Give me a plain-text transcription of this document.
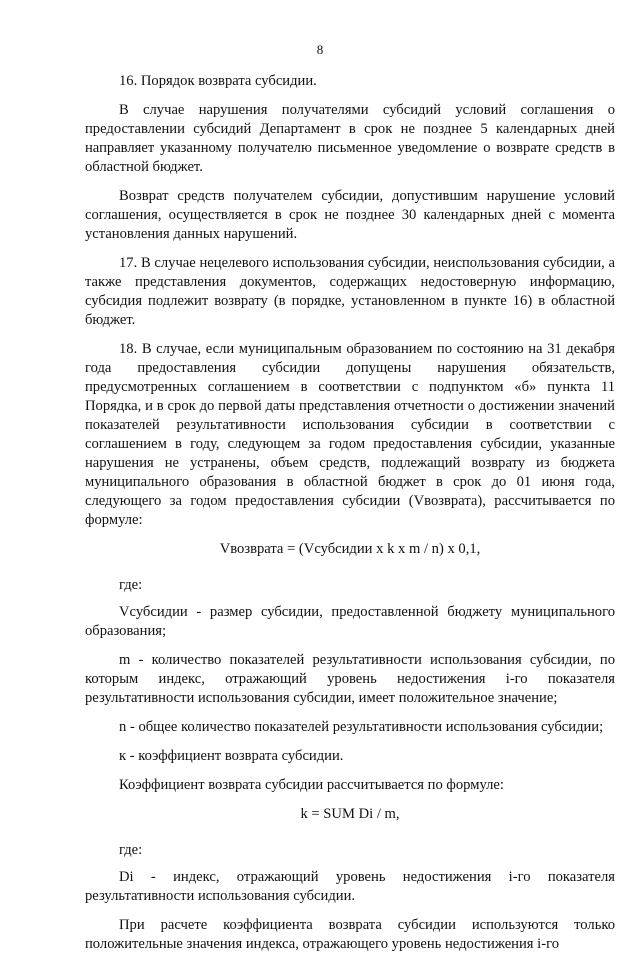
8

16. Порядок возврата субсидии.

В случае нарушения получателями субсидий условий соглашения о предоставлении субсидий Департамент в срок не позднее 5 календарных дней направляет указанному получателю письменное уведомление о возврате средств в областной бюджет.

Возврат средств получателем субсидии, допустившим нарушение условий соглашения, осуществляется в срок не позднее 30 календарных дней с момента установления данных нарушений.

17. В случае нецелевого использования субсидии, неиспользования субсидии, а также представления документов, содержащих недостоверную информацию, субсидия подлежит возврату (в порядке, установленном в пункте 16) в областной бюджет.

18. В случае, если муниципальным образованием по состоянию на 31 декабря года предоставления субсидии допущены нарушения обязательств, предусмотренных соглашением в соответствии с подпунктом «б» пункта 11 Порядка, и в срок до первой даты представления отчетности о достижении значений показателей результативности использования субсидии в соответствии с соглашением в году, следующем за годом предоставления субсидии, указанные нарушения не устранены, объем средств, подлежащий возврату из бюджета муниципального образования в областной бюджет в срок до 01 июня года, следующего за годом предоставления субсидии (Vвозврата), рассчитывается по формуле:

Vвозврата = (Vсубсидии x k x m / n) x 0,1,

где:

Vсубсидии - размер субсидии, предоставленной бюджету муниципального образования;

m - количество показателей результативности использования субсидии, по которым индекс, отражающий уровень недостижения i-го показателя результативности использования субсидии, имеет положительное значение;

n - общее количество показателей результативности использования субсидии;

к - коэффициент возврата субсидии.

Коэффициент возврата субсидии рассчитывается по формуле:

k = SUM Di / m,

где:

Di - индекс, отражающий уровень недостижения i-го показателя результативности использования субсидии.

При расчете коэффициента возврата субсидии используются только положительные значения индекса, отражающего уровень недостижения i-го
